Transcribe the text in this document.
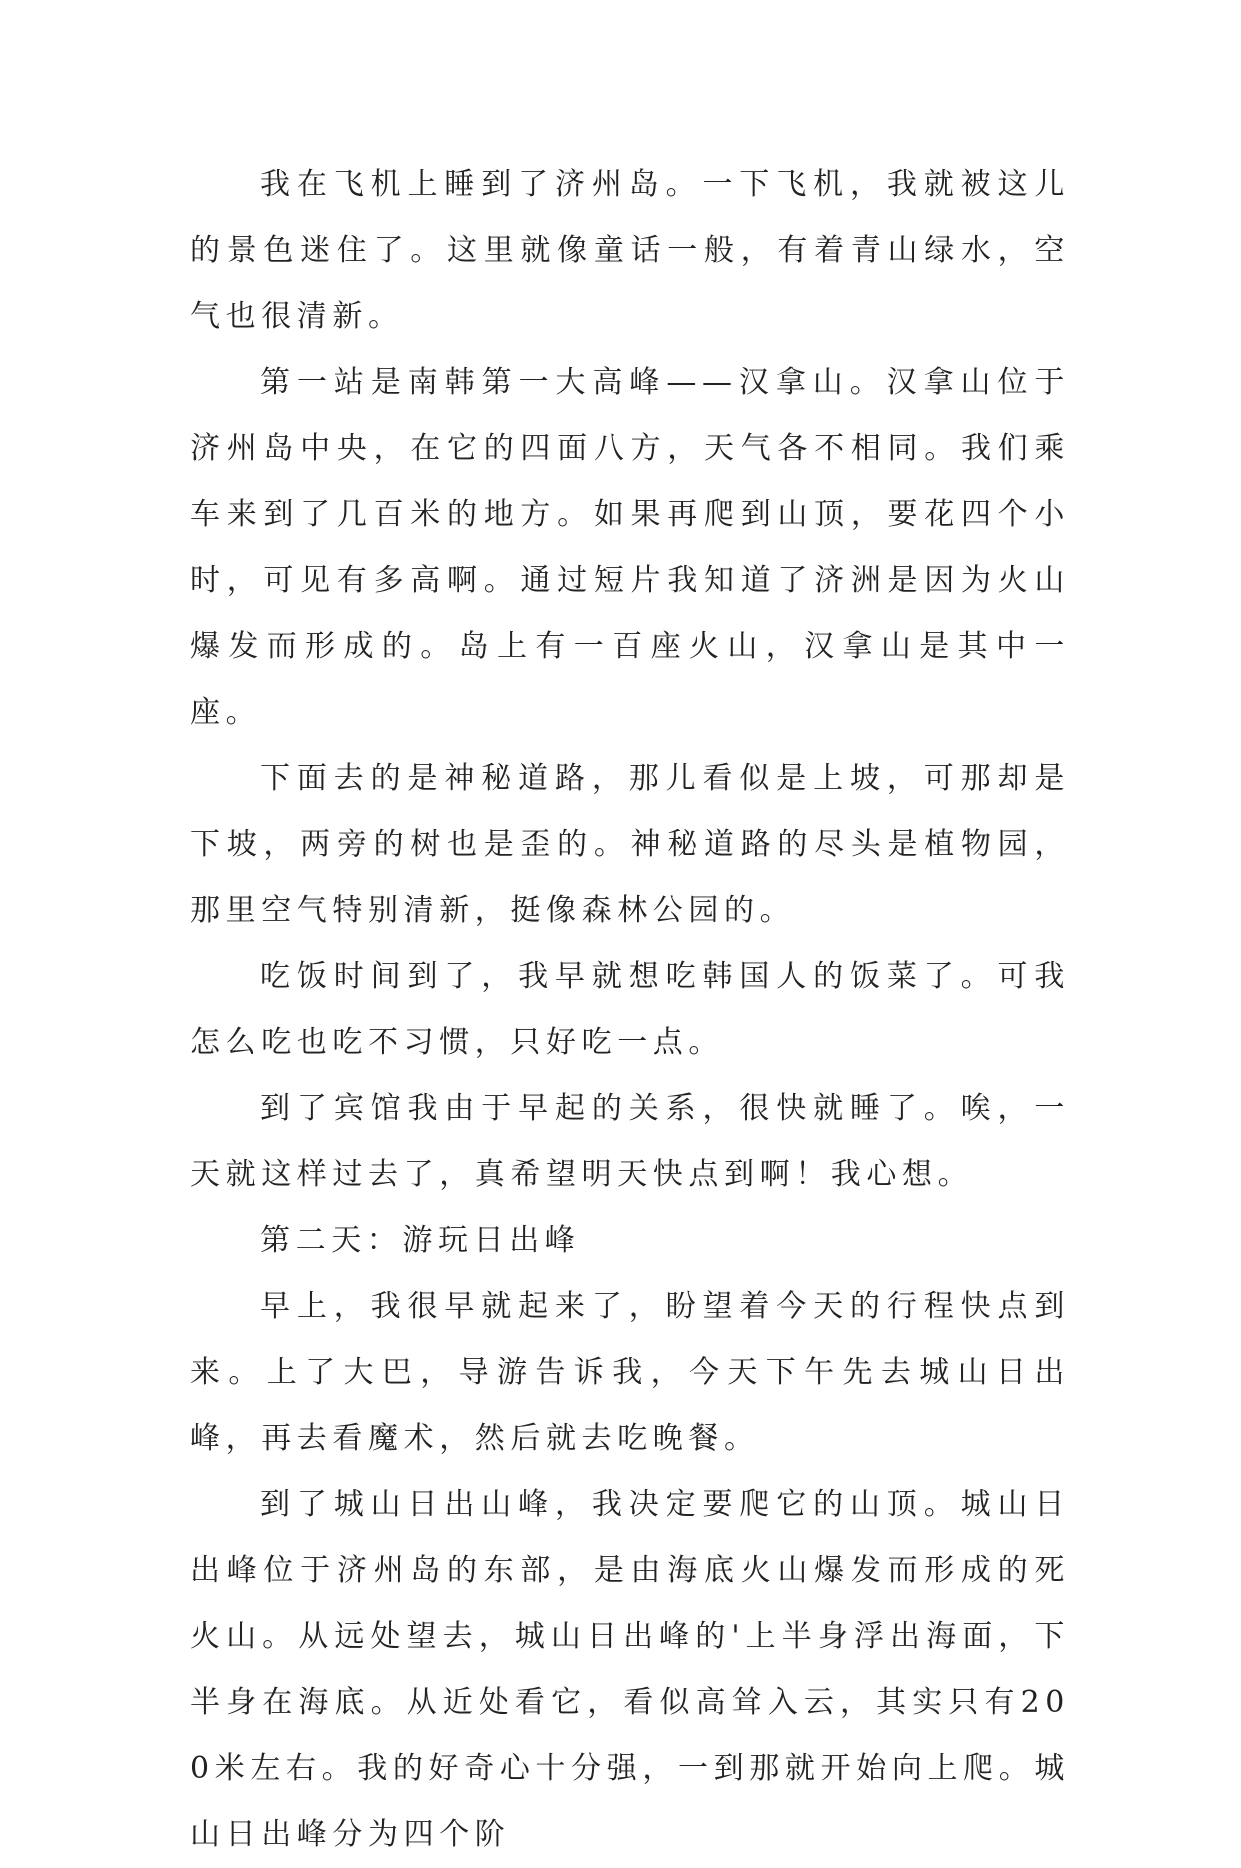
我在飞机上睡到了济州岛。一下飞机，我就被这儿的景色迷住了。这里就像童话一般，有着青山绿水，空气也很清新。

第一站是南韩第一大高峰——汉拿山。汉拿山位于济州岛中央，在它的四面八方，天气各不相同。我们乘车来到了几百米的地方。如果再爬到山顶，要花四个小时，可见有多高啊。通过短片我知道了济洲是因为火山爆发而形成的。岛上有一百座火山，汉拿山是其中一座。

下面去的是神秘道路，那儿看似是上坡，可那却是下坡，两旁的树也是歪的。神秘道路的尽头是植物园，那里空气特别清新，挺像森林公园的。

吃饭时间到了，我早就想吃韩国人的饭菜了。可我怎么吃也吃不习惯，只好吃一点。

到了宾馆我由于早起的关系，很快就睡了。唉，一天就这样过去了，真希望明天快点到啊！我心想。

第二天：游玩日出峰

早上，我很早就起来了，盼望着今天的行程快点到来。上了大巴，导游告诉我，今天下午先去城山日出峰，再去看魔术，然后就去吃晚餐。

到了城山日出山峰，我决定要爬它的山顶。城山日出峰位于济州岛的东部，是由海底火山爆发而形成的死火山。从远处望去，城山日出峰的'上半身浮出海面，下半身在海底。从近处看它，看似高耸入云，其实只有200米左右。我的好奇心十分强，一到那就开始向上爬。城山日出峰分为四个阶
